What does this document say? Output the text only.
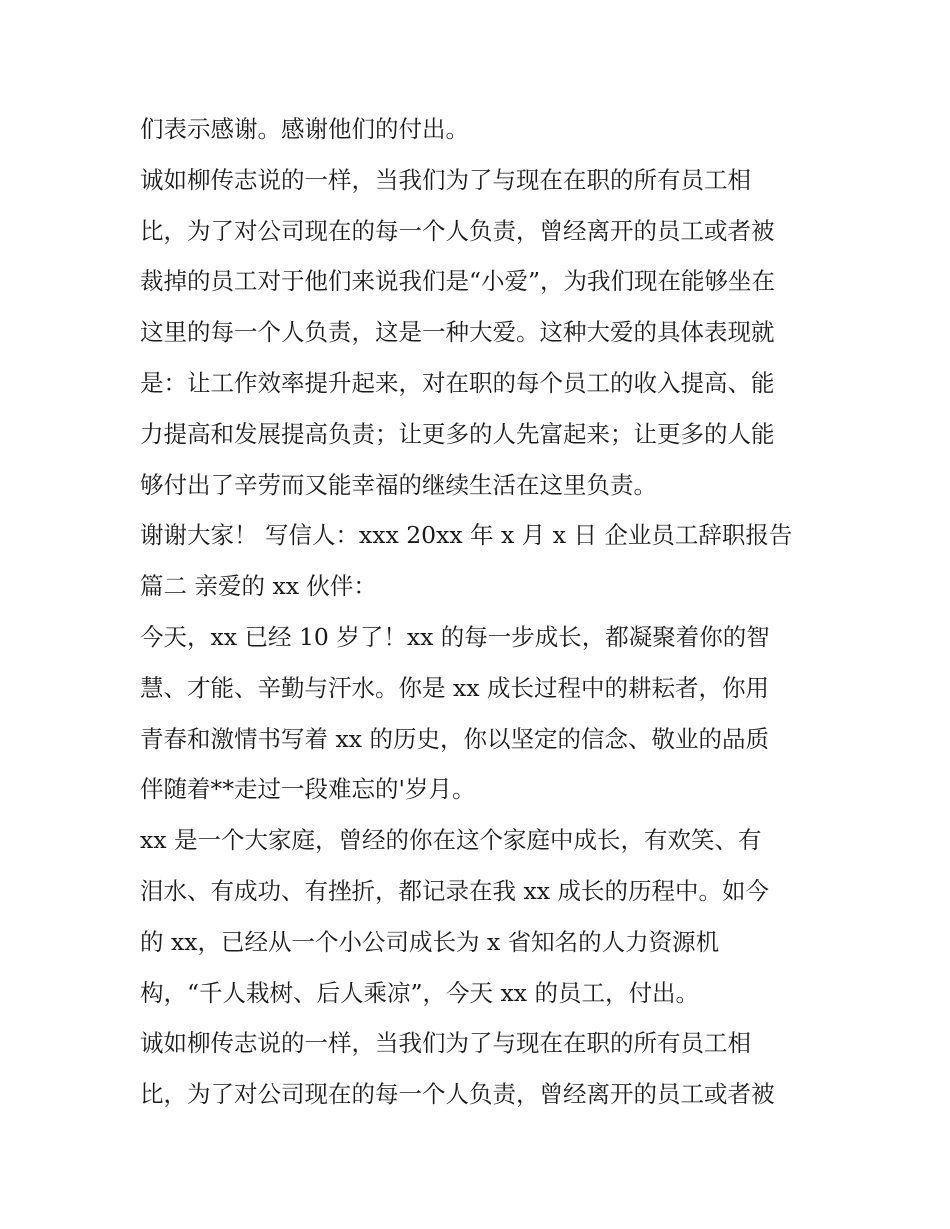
们表示感谢。感谢他们的付出。
诚如柳传志说的一样，当我们为了与现在在职的所有员工相
比，为了对公司现在的每一个人负责，曾经离开的员工或者被
裁掉的员工对于他们来说我们是“小爱”，为我们现在能够坐在
这里的每一个人负责，这是一种大爱。这种大爱的具体表现就
是：让工作效率提升起来，对在职的每个员工的收入提高、能
力提高和发展提高负责；让更多的人先富起来；让更多的人能
够付出了辛劳而又能幸福的继续生活在这里负责。
谢谢大家！ 写信人：xxx 20xx 年 x 月 x 日 企业员工辞职报告
篇二 亲爱的 xx 伙伴：
今天，xx 已经 10 岁了！xx 的每一步成长，都凝聚着你的智
慧、才能、辛勤与汗水。你是 xx 成长过程中的耕耘者，你用
青春和激情书写着 xx 的历史，你以坚定的信念、敬业的品质
伴随着**走过一段难忘的'岁月。
xx 是一个大家庭，曾经的你在这个家庭中成长，有欢笑、有
泪水、有成功、有挫折，都记录在我 xx 成长的历程中。如今
的 xx，已经从一个小公司成长为 x 省知名的人力资源机
构，“千人栽树、后人乘凉”，今天 xx 的员工，付出。
诚如柳传志说的一样，当我们为了与现在在职的所有员工相
比，为了对公司现在的每一个人负责，曾经离开的员工或者被
